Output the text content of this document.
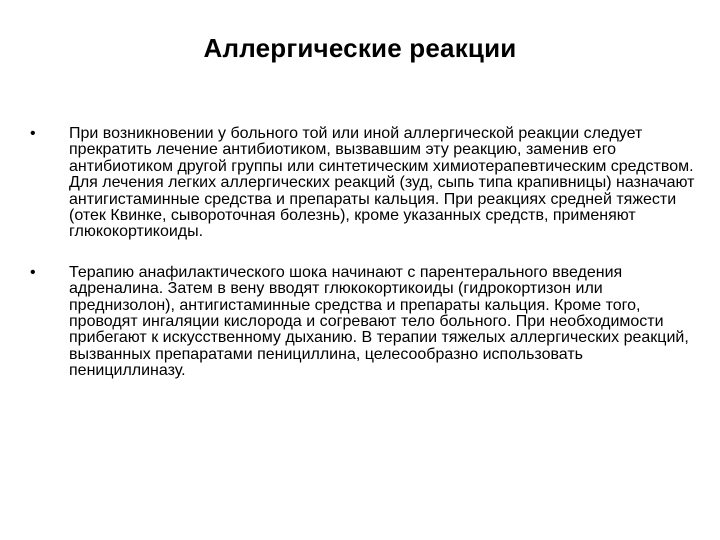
Аллергические реакции
• При возникновении у больного той или иной аллергической реакции следует прекратить лечение антибиотиком, вызвавшим эту реакцию, заменив его антибиотиком другой группы или синтетическим химиотерапевтическим средством. Для лечения легких аллергических реакций (зуд, сыпь типа крапивницы) назначают антигистаминные средства и препараты кальция. При реакциях средней тяжести (отек Квинке, сывороточная болезнь), кроме указанных средств, применяют глюкокортикоиды.
• Терапию анафилактического шока начинают с парентерального введения адреналина. Затем в вену вводят глюкокортикоиды (гидрокортизон или преднизолон), антигистаминные средства и препараты кальция. Кроме того, проводят ингаляции кислорода и согревают тело больного. При необходимости прибегают к искусственному дыханию. В терапии тяжелых аллергических реакций, вызванных препаратами пенициллина, целесообразно использовать пенициллиназу.
